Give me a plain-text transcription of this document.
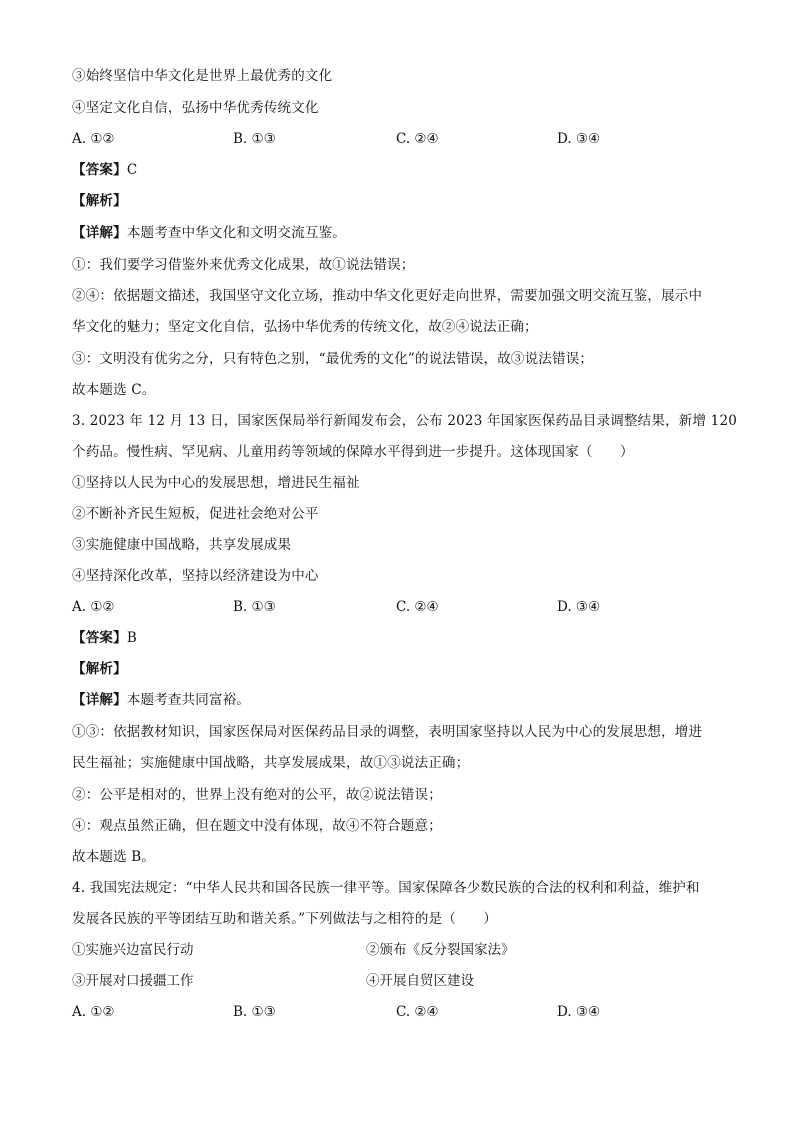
③始终坚信中华文化是世界上最优秀的文化
④坚定文化自信，弘扬中华优秀传统文化
A. ①②	B. ①③	C. ②④	D. ③④
【答案】C
【解析】
【详解】本题考查中华文化和文明交流互鉴。
①：我们要学习借鉴外来优秀文化成果，故①说法错误；
②④：依据题文描述，我国坚守文化立场，推动中华文化更好走向世界，需要加强文明交流互鉴，展示中
华文化的魅力；坚定文化自信，弘扬中华优秀的传统文化，故②④说法正确；
③：文明没有优劣之分，只有特色之别，“最优秀的文化”的说法错误，故③说法错误；
故本题选 C。
3. 2023 年 12 月 13 日，国家医保局举行新闻发布会，公布 2023 年国家医保药品目录调整结果，新增 120
个药品。慢性病、罕见病、儿童用药等领域的保障水平得到进一步提升。这体现国家（　　）
①坚持以人民为中心的发展思想，增进民生福祉
②不断补齐民生短板，促进社会绝对公平
③实施健康中国战略，共享发展成果
④坚持深化改革，坚持以经济建设为中心
A. ①②	B. ①③	C. ②④	D. ③④
【答案】B
【解析】
【详解】本题考查共同富裕。
①③：依据教材知识，国家医保局对医保药品目录的调整，表明国家坚持以人民为中心的发展思想，增进
民生福祉；实施健康中国战略，共享发展成果，故①③说法正确；
②：公平是相对的，世界上没有绝对的公平，故②说法错误；
④：观点虽然正确，但在题文中没有体现，故④不符合题意；
故本题选 B。
4. 我国宪法规定：“中华人民共和国各民族一律平等。国家保障各少数民族的合法的权利和利益，维护和
发展各民族的平等团结互助和谐关系。”下列做法与之相符的是（　　）
①实施兴边富民行动	②颁布《反分裂国家法》
③开展对口援疆工作	④开展自贸区建设
A. ①②	B. ①③	C. ②④	D. ③④
